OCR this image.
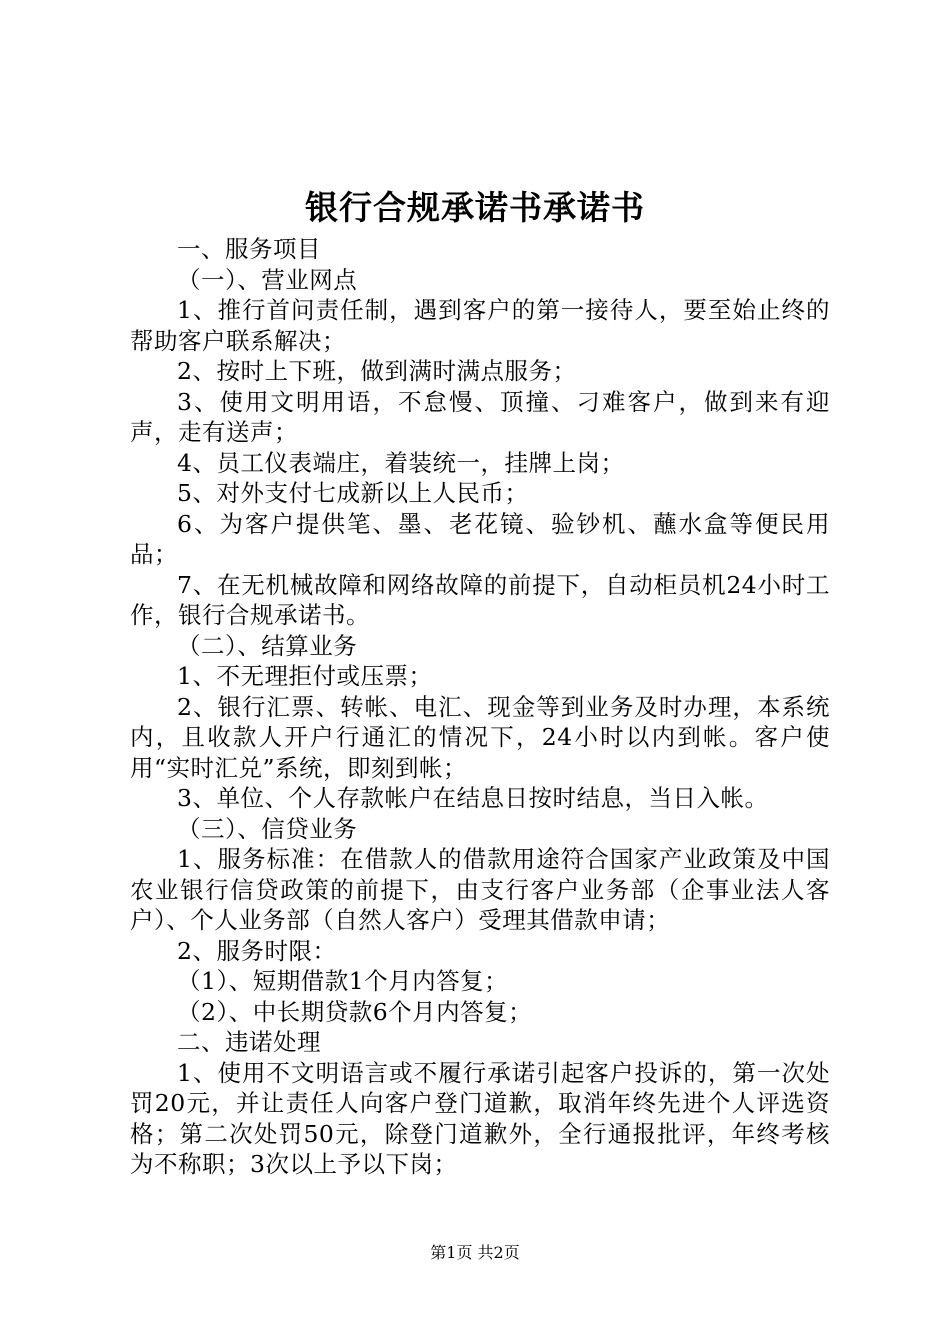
银行合规承诺书承诺书

一、服务项目

（一）、营业网点

1、推行首问责任制，遇到客户的第一接待人，要至始止终的帮助客户联系解决；

2、按时上下班，做到满时满点服务；

3、使用文明用语，不怠慢、顶撞、刁难客户，做到来有迎声，走有送声；

4、员工仪表端庄，着装统一，挂牌上岗；

5、对外支付七成新以上人民币；

6、为客户提供笔、墨、老花镜、验钞机、蘸水盒等便民用品；

7、在无机械故障和网络故障的前提下，自动柜员机24小时工作，银行合规承诺书。

（二）、结算业务

1、不无理拒付或压票；

2、银行汇票、转帐、电汇、现金等到业务及时办理，本系统内，且收款人开户行通汇的情况下，24小时以内到帐。客户使用“实时汇兑”系统，即刻到帐；

3、单位、个人存款帐户在结息日按时结息，当日入帐。

（三）、信贷业务

1、服务标准：在借款人的借款用途符合国家产业政策及中国农业银行信贷政策的前提下，由支行客户业务部（企事业法人客户）、个人业务部（自然人客户）受理其借款申请；

2、服务时限：

（1）、短期借款1个月内答复；

（2）、中长期贷款6个月内答复；

二、违诺处理

1、使用不文明语言或不履行承诺引起客户投诉的，第一次处罚20元，并让责任人向客户登门道歉，取消年终先进个人评选资格；第二次处罚50元，除登门道歉外，全行通报批评，年终考核为不称职；3次以上予以下岗；

第1页 共2页
